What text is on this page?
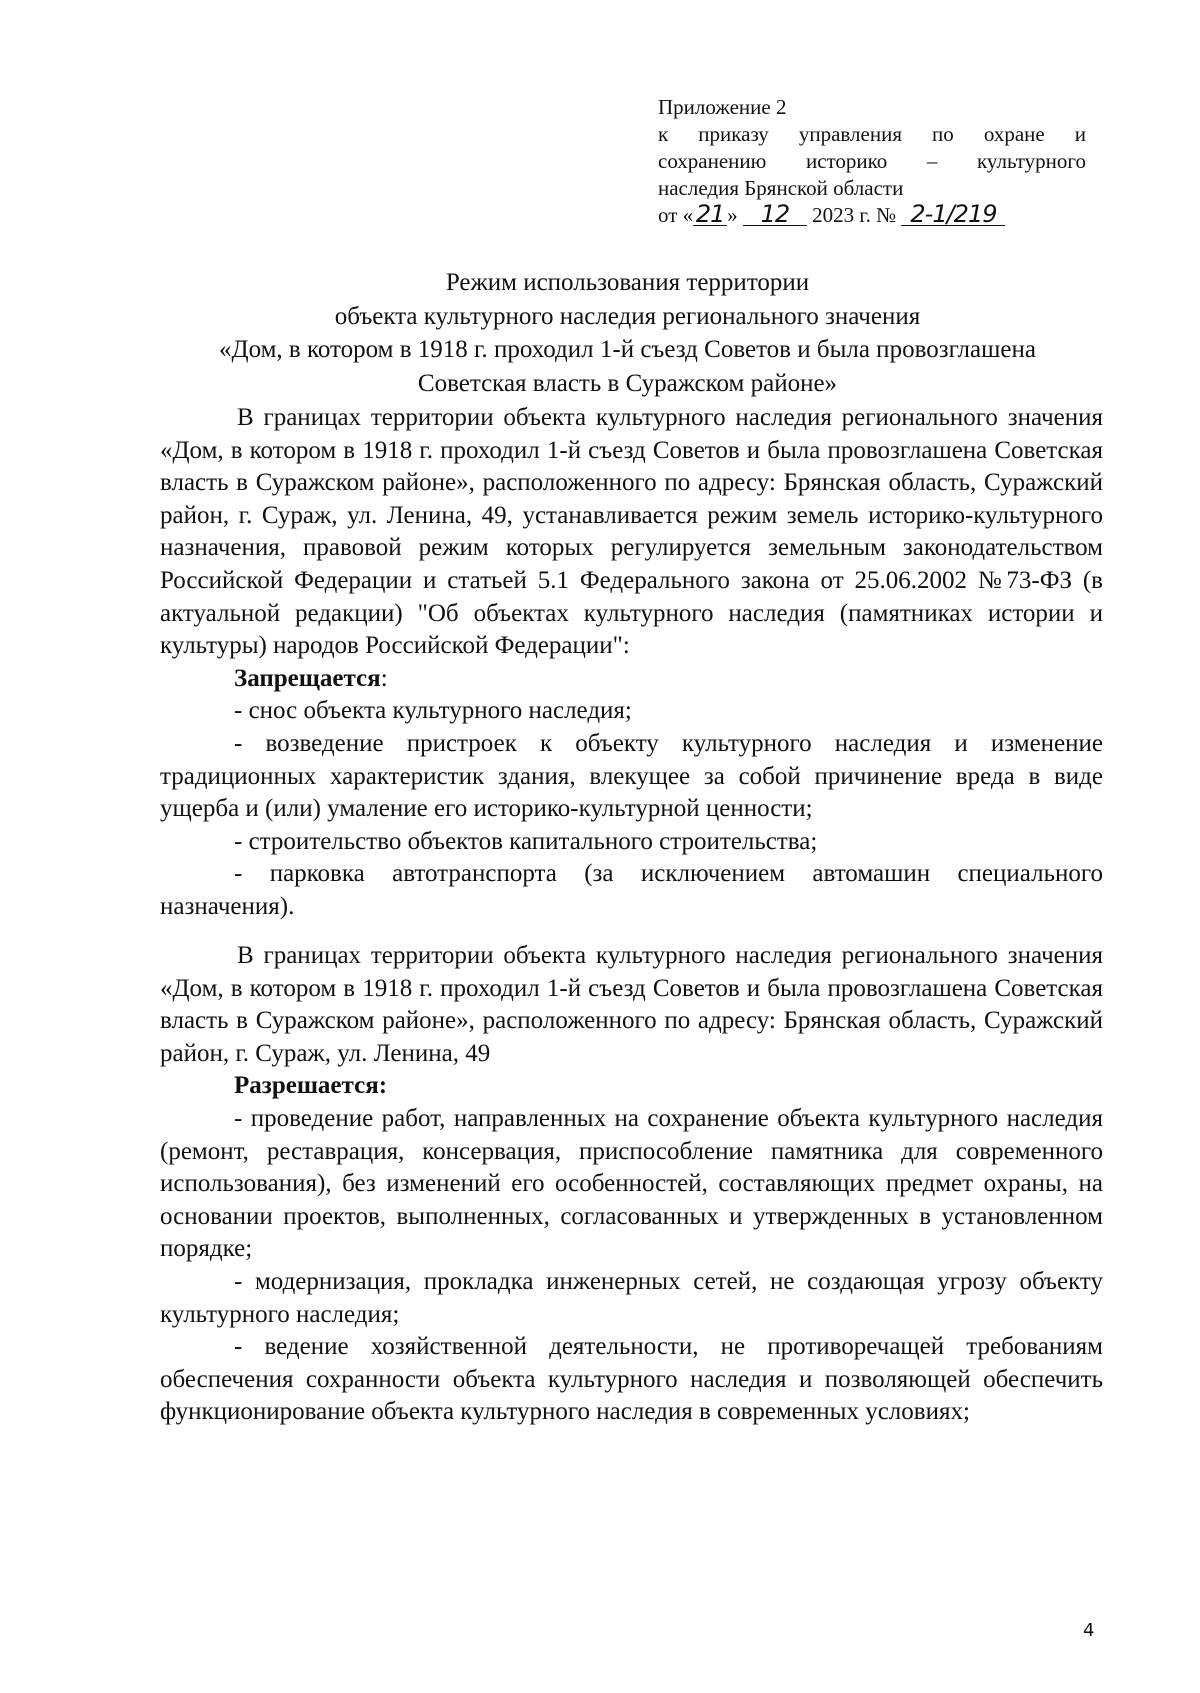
Приложение 2
к приказу управления по охране и
сохранению историко – культурного
наследия Брянской области
от « 21 » 12 2023 г. № 2-1/219
Режим использования территории
объекта культурного наследия регионального значения
«Дом, в котором в 1918 г. проходил 1-й съезд Советов и была провозглашена
Советская власть в Суражском районе»

В границах территории объекта культурного наследия регионального значения «Дом, в котором в 1918 г. проходил 1-й съезд Советов и была провозглашена Советская власть в Суражском районе», расположенного по адресу: Брянская область, Суражский район, г. Сураж, ул. Ленина, 49, устанавливается режим земель историко-культурного назначения, правовой режим которых регулируется земельным законодательством Российской Федерации и статьей 5.1 Федерального закона от 25.06.2002 №73-ФЗ (в актуальной редакции) "Об объектах культурного наследия (памятниках истории и культуры) народов Российской Федерации":

Запрещается:

- снос объекта культурного наследия;

- возведение пристроек к объекту культурного наследия и изменение традиционных характеристик здания, влекущее за собой причинение вреда в виде ущерба и (или) умаление его историко-культурной ценности;

- строительство объектов капитального строительства;

- парковка автотранспорта (за исключением автомашин специального назначения).

В границах территории объекта культурного наследия регионального значения «Дом, в котором в 1918 г. проходил 1-й съезд Советов и была провозглашена Советская власть в Суражском районе», расположенного по адресу: Брянская область, Суражский район, г. Сураж, ул. Ленина, 49

Разрешается:

- проведение работ, направленных на сохранение объекта культурного наследия (ремонт, реставрация, консервация, приспособление памятника для современного использования), без изменений его особенностей, составляющих предмет охраны, на основании проектов, выполненных, согласованных и утвержденных в установленном порядке;

- модернизация, прокладка инженерных сетей, не создающая угрозу объекту культурного наследия;

- ведение хозяйственной деятельности, не противоречащей требованиям обеспечения сохранности объекта культурного наследия и позволяющей обеспечить функционирование объекта культурного наследия в современных условиях;

4
